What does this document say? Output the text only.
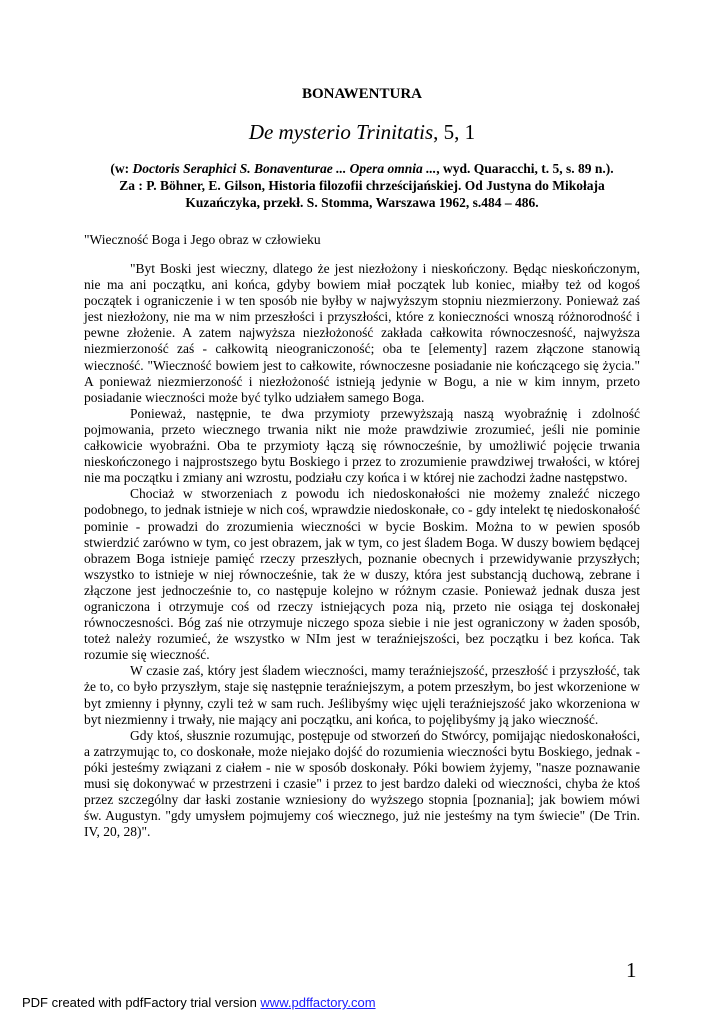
BONAWENTURA
De mysterio Trinitatis, 5, 1
(w: Doctoris Seraphici S. Bonaventurae ... Opera omnia ..., wyd. Quaracchi, t. 5, s. 89 n.).
Za : P. Böhner, E. Gilson, Historia filozofii chrześcijańskiej. Od Justyna do Mikołaja Kuzańczyka, przekł. S. Stomma, Warszawa 1962, s.484 – 486.
"Wieczność Boga i Jego obraz w człowieku

"Byt Boski jest wieczny, dlatego że jest niezłożony i nieskończony. Będąc nieskończonym, nie ma ani początku, ani końca, gdyby bowiem miał początek lub koniec, miałby też od kogoś początek i ograniczenie i w ten sposób nie byłby w najwyższym stopniu niezmierzony. Ponieważ zaś jest niezłożony, nie ma w nim przeszłości i przyszłości, które z konieczności wnoszą różnorodność i pewne złożenie. A zatem najwyższa niezłożoność zakłada całkowita równoczesność, najwyższa niezmierzoność zaś - całkowitą nieograniczoność; oba te [elementy] razem złączone stanowią wieczność. "Wieczność bowiem jest to całkowite, równoczesne posiadanie nie kończącego się życia." A ponieważ niezmierzoność i niezłożoność istnieją jedynie w Bogu, a nie w kim innym, przeto posiadanie wieczności może być tylko udziałem samego Boga.

Ponieważ, następnie, te dwa przymioty przewyższają naszą wyobraźnię i zdolność pojmowania, przeto wiecznego trwania nikt nie może prawdziwie zrozumieć, jeśli nie pominie całkowicie wyobraźni. Oba te przymioty łączą się równocześnie, by umożliwić pojęcie trwania nieskończonego i najprostszego bytu Boskiego i przez to zrozumienie prawdziwej trwałości, w której nie ma początku i zmiany ani wzrostu, podziału czy końca i w której nie zachodzi żadne następstwo.

Chociaż w stworzeniach z powodu ich niedoskonałości nie możemy znaleźć niczego podobnego, to jednak istnieje w nich coś, wprawdzie niedoskonałe, co - gdy intelekt tę niedoskonałość pominie - prowadzi do zrozumienia wieczności w bycie Boskim. Można to w pewien sposób stwierdzić zarówno w tym, co jest obrazem, jak w tym, co jest śladem Boga. W duszy bowiem będącej obrazem Boga istnieje pamięć rzeczy przeszłych, poznanie obecnych i przewidywanie przyszłych; wszystko to istnieje w niej równocześnie, tak że w duszy, która jest substancją duchową, zebrane i złączone jest jednocześnie to, co następuje kolejno w różnym czasie. Ponieważ jednak dusza jest ograniczona i otrzymuje coś od rzeczy istniejących poza nią, przeto nie osiąga tej doskonałej równoczesności. Bóg zaś nie otrzymuje niczego spoza siebie i nie jest ograniczony w żaden sposób, toteż należy rozumieć, że wszystko w NIm jest w teraźniejszości, bez początku i bez końca. Tak rozumie się wieczność.

W czasie zaś, który jest śladem wieczności, mamy teraźniejszość, przeszłość i przyszłość, tak że to, co było przyszłym, staje się następnie teraźniejszym, a potem przeszłym, bo jest wkorzenione w byt zmienny i płynny, czyli też w sam ruch. Jeślibyśmy więc ujęli teraźniejszość jako wkorzeniona w byt niezmienny i trwały, nie mający ani początku, ani końca, to pojęlibyśmy ją jako wieczność.

Gdy ktoś, słusznie rozumując, postępuje od stworzeń do Stwórcy, pomijając niedoskonałości, a zatrzymując to, co doskonałe, może niejako dojść do rozumienia wieczności bytu Boskiego, jednak - póki jesteśmy związani z ciałem - nie w sposób doskonały. Póki bowiem żyjemy, "nasze poznawanie musi się dokonywać w przestrzeni i czasie" i przez to jest bardzo daleki od wieczności, chyba że ktoś przez szczególny dar łaski zostanie wzniesiony do wyższego stopnia [poznania]; jak bowiem mówi św. Augustyn. "gdy umysłem pojmujemy coś wiecznego, już nie jesteśmy na tym świecie" (De Trin. IV, 20, 28)".

1
PDF created with pdfFactory trial version www.pdffactory.com
